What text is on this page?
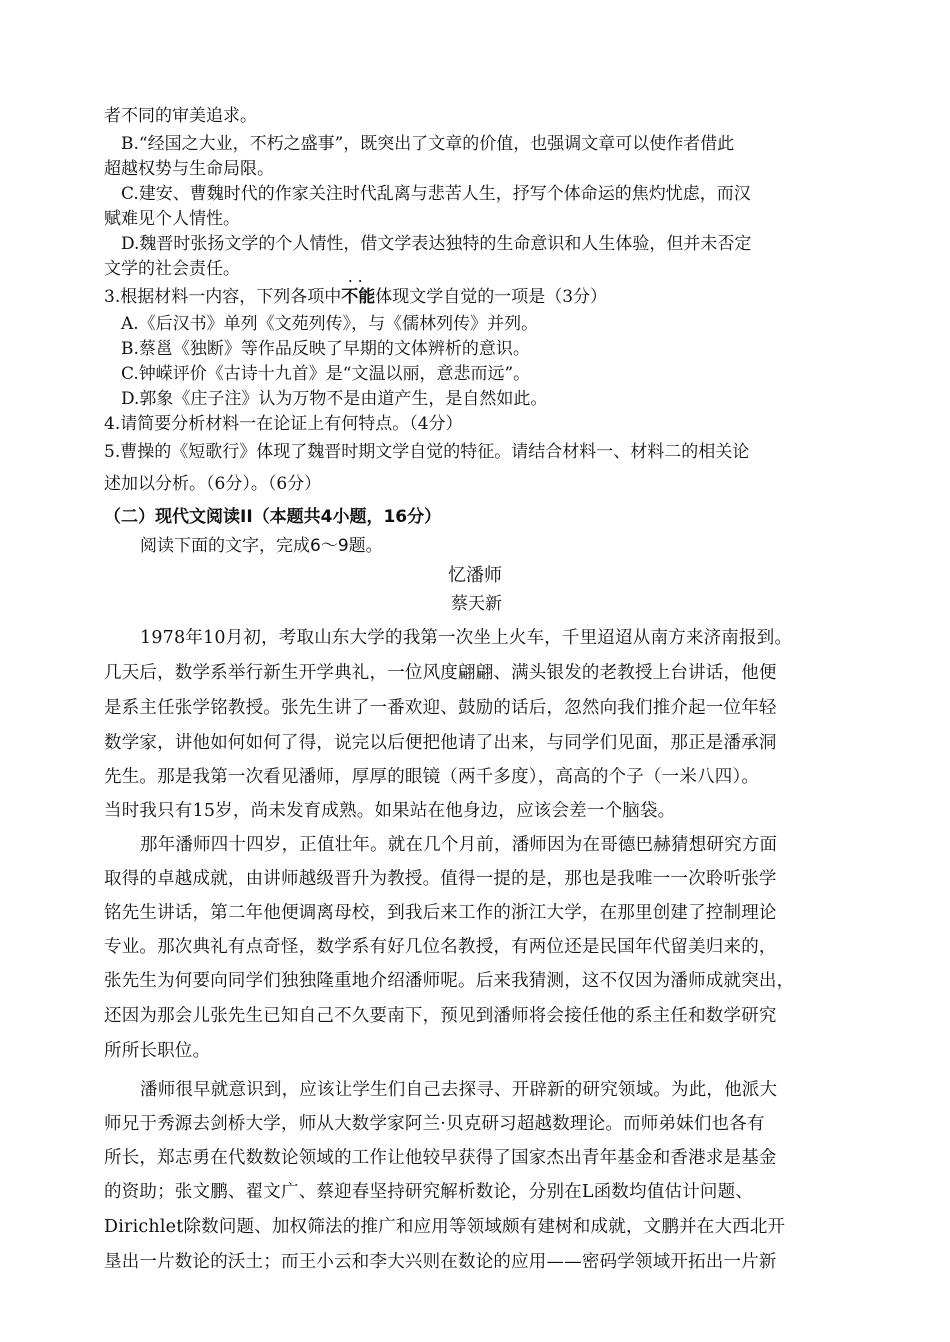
者不同的审美追求。
B.“经国之大业，不朽之盛事”，既突出了文章的价值，也强调文章可以使作者借此
超越权势与生命局限。
C.建安、曹魏时代的作家关注时代乱离与悲苦人生，抒写个体命运的焦灼忧虑，而汉
赋难见个人情性。
D.魏晋时张扬文学的个人情性，借文学表达独特的生命意识和人生体验，但并未否定
文学的社会责任。
3.根据材料一内容，下列各项中
··
不能体现文学自觉的一项是（3分）
A.《后汉书》单列《文苑列传》，与《儒林列传》并列。
B.蔡邕《独断》等作品反映了早期的文体辨析的意识。
C.钟嵘评价《古诗十九首》是“文温以丽，意悲而远”。
D.郭象《庄子注》认为万物不是由道产生，是自然如此。
4.请简要分析材料一在论证上有何特点。（4分）
5.曹操的《短歌行》体现了魏晋时期文学自觉的特征。请结合材料一、材料二的相关论
述加以分析。（6分）。（6分）
（二）现代文阅读II（本题共4小题，16分）
阅读下面的文字，完成6～9题。
忆潘师
蔡天新
1978年10月初，考取山东大学的我第一次坐上火车，千里迢迢从南方来济南报到。
几天后，数学系举行新生开学典礼，一位风度翩翩、满头银发的老教授上台讲话，他便
是系主任张学铭教授。张先生讲了一番欢迎、鼓励的话后，忽然向我们推介起一位年轻
数学家，讲他如何如何了得，说完以后便把他请了出来，与同学们见面，那正是潘承洞
先生。那是我第一次看见潘师，厚厚的眼镜（两千多度），高高的个子（一米八四）。
当时我只有15岁，尚未发育成熟。如果站在他身边，应该会差一个脑袋。
那年潘师四十四岁，正值壮年。就在几个月前，潘师因为在哥德巴赫猜想研究方面
取得的卓越成就，由讲师越级晋升为教授。值得一提的是，那也是我唯一一次聆听张学
铭先生讲话，第二年他便调离母校，到我后来工作的浙江大学，在那里创建了控制理论
专业。那次典礼有点奇怪，数学系有好几位名教授，有两位还是民国年代留美归来的，
张先生为何要向同学们独独隆重地介绍潘师呢。后来我猜测，这不仅因为潘师成就突出，
还因为那会儿张先生已知自己不久要南下，预见到潘师将会接任他的系主任和数学研究
所所长职位。
潘师很早就意识到，应该让学生们自己去探寻、开辟新的研究领域。为此，他派大
师兄于秀源去剑桥大学，师从大数学家阿兰·贝克研习超越数理论。而师弟妹们也各有
所长，郑志勇在代数数论领域的工作让他较早获得了国家杰出青年基金和香港求是基金
的资助；张文鹏、翟文广、蔡迎春坚持研究解析数论，分别在L函数均值估计问题、
Dirichlet除数问题、加权筛法的推广和应用等领域颇有建树和成就，文鹏并在大西北开
垦出一片数论的沃土；而王小云和李大兴则在数论的应用——密码学领域开拓出一片新
